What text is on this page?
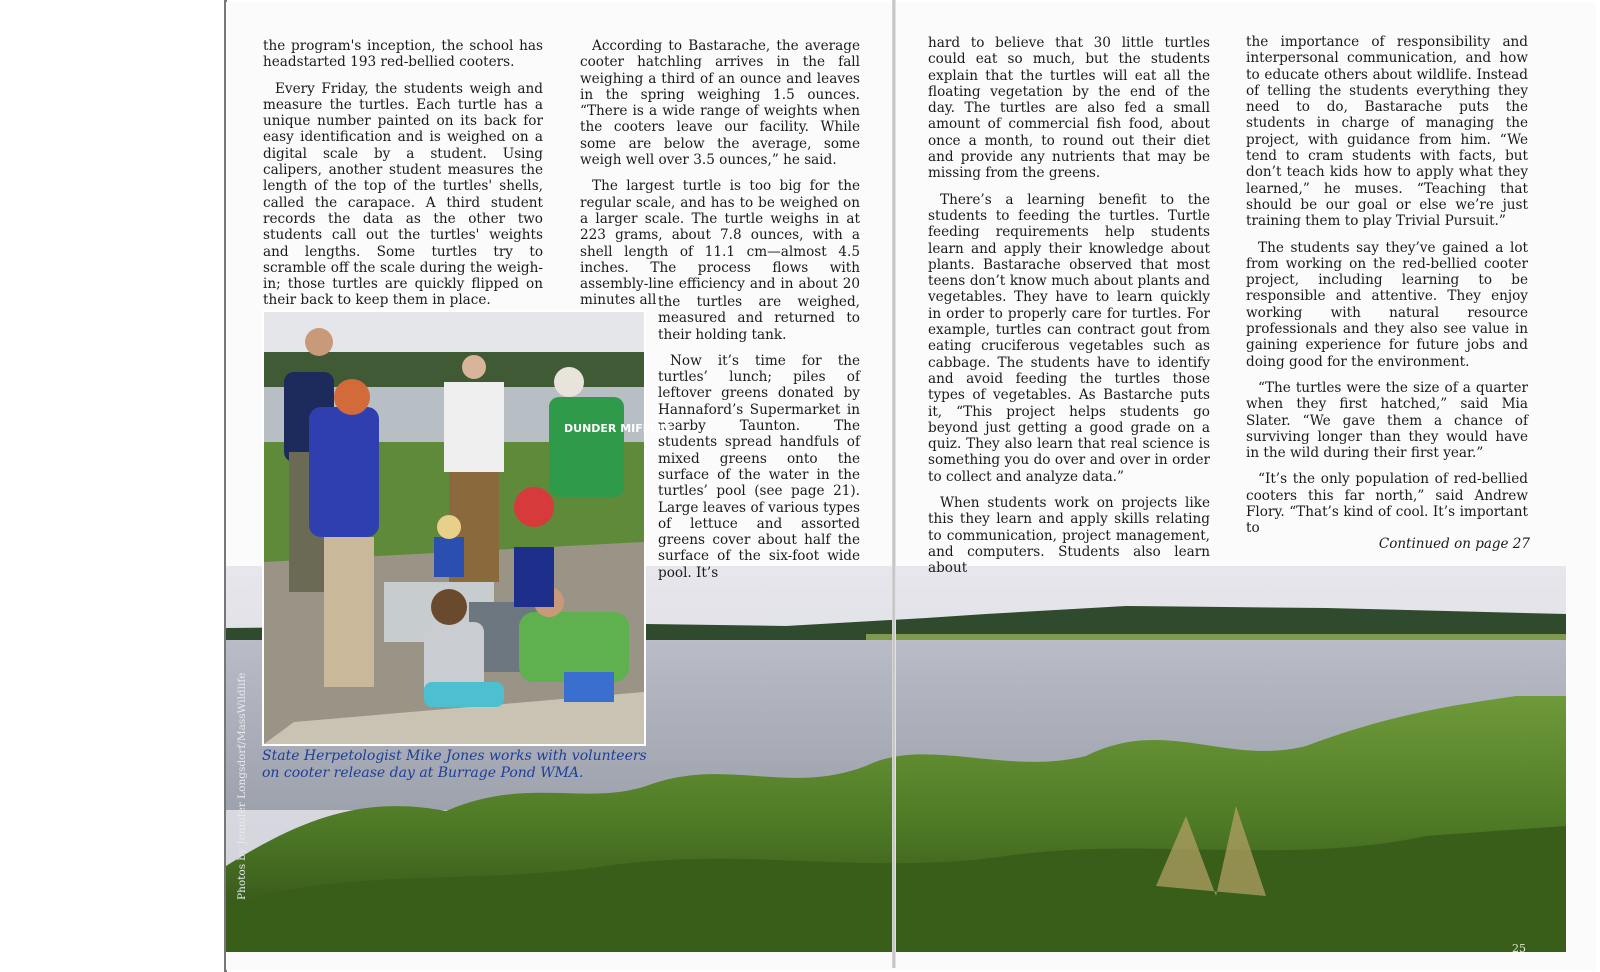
the program's inception, the school has headstarted 193 red-bellied cooters.

Every Friday, the students weigh and measure the turtles. Each turtle has a unique number painted on its back for easy identification and is weighed on a digital scale by a student. Using calipers, another student measures the length of the top of the turtles' shells, called the carapace. A third student records the data as the other two students call out the turtles' weights and lengths. Some turtles try to scramble off the scale during the weigh-in; those turtles are quickly flipped on their back to keep them in place.

According to Bastarache, the average cooter hatchling arrives in the fall weighing a third of an ounce and leaves in the spring weighing 1.5 ounces. “There is a wide range of weights when the cooters leave our facility. While some are below the average, some weigh well over 3.5 ounces,” he said.

The largest turtle is too big for the regular scale, and has to be weighed on a larger scale. The turtle weighs in at 223 grams, about 7.8 ounces, with a shell length of 11.1 cm—almost 4.5 inches. The process flows with assembly-line efficiency and in about 20 minutes all the turtles are weighed, measured and returned to their holding tank.

Now it’s time for the turtles’ lunch; piles of leftover greens donated by Hannaford’s Supermarket in nearby Taunton. The students spread handfuls of mixed greens onto the surface of the water in the turtles’ pool (see page 21). Large leaves of various types of lettuce and assorted greens cover about half the surface of the six-foot wide pool. It’s

DUNDER MIFFLIN
State Herpetologist Mike Jones works with volunteers on cooter release day at Burrage Pond WMA.
Photos by Jennifer Longsdorf/MassWildlife

hard to believe that 30 little turtles could eat so much, but the students explain that the turtles will eat all the floating vegetation by the end of the day. The turtles are also fed a small amount of commercial fish food, about once a month, to round out their diet and provide any nutrients that may be missing from the greens.

There’s a learning benefit to the students to feeding the turtles. Turtle feeding requirements help students learn and apply their knowledge about plants. Bastarache observed that most teens don’t know much about plants and vegetables. They have to learn quickly in order to properly care for turtles. For example, turtles can contract gout from eating cruciferous vegetables such as cabbage. The students have to identify and avoid feeding the turtles those types of vegetables. As Bastarche puts it, “This project helps students go beyond just getting a good grade on a quiz. They also learn that real science is something you do over and over in order to collect and analyze data.”

When students work on projects like this they learn and apply skills relating to communication, project management, and computers. Students also learn about

the importance of responsibility and interpersonal communication, and how to educate others about wildlife. Instead of telling the students everything they need to do, Bastarache puts the students in charge of managing the project, with guidance from him. “We tend to cram students with facts, but don’t teach kids how to apply what they learned,” he muses. “Teaching that should be our goal or else we’re just training them to play Trivial Pursuit.”

The students say they’ve gained a lot from working on the red-bellied cooter project, including learning to be responsible and attentive. They enjoy working with natural resource professionals and they also see value in gaining experience for future jobs and doing good for the environment.

“The turtles were the size of a quarter when they first hatched,” said Mia Slater. “We gave them a chance of surviving longer than they would have in the wild during their first year.”

“It’s the only population of red-bellied cooters this far north,” said Andrew Flory. “That’s kind of cool. It’s important to

Continued on page 27
25
